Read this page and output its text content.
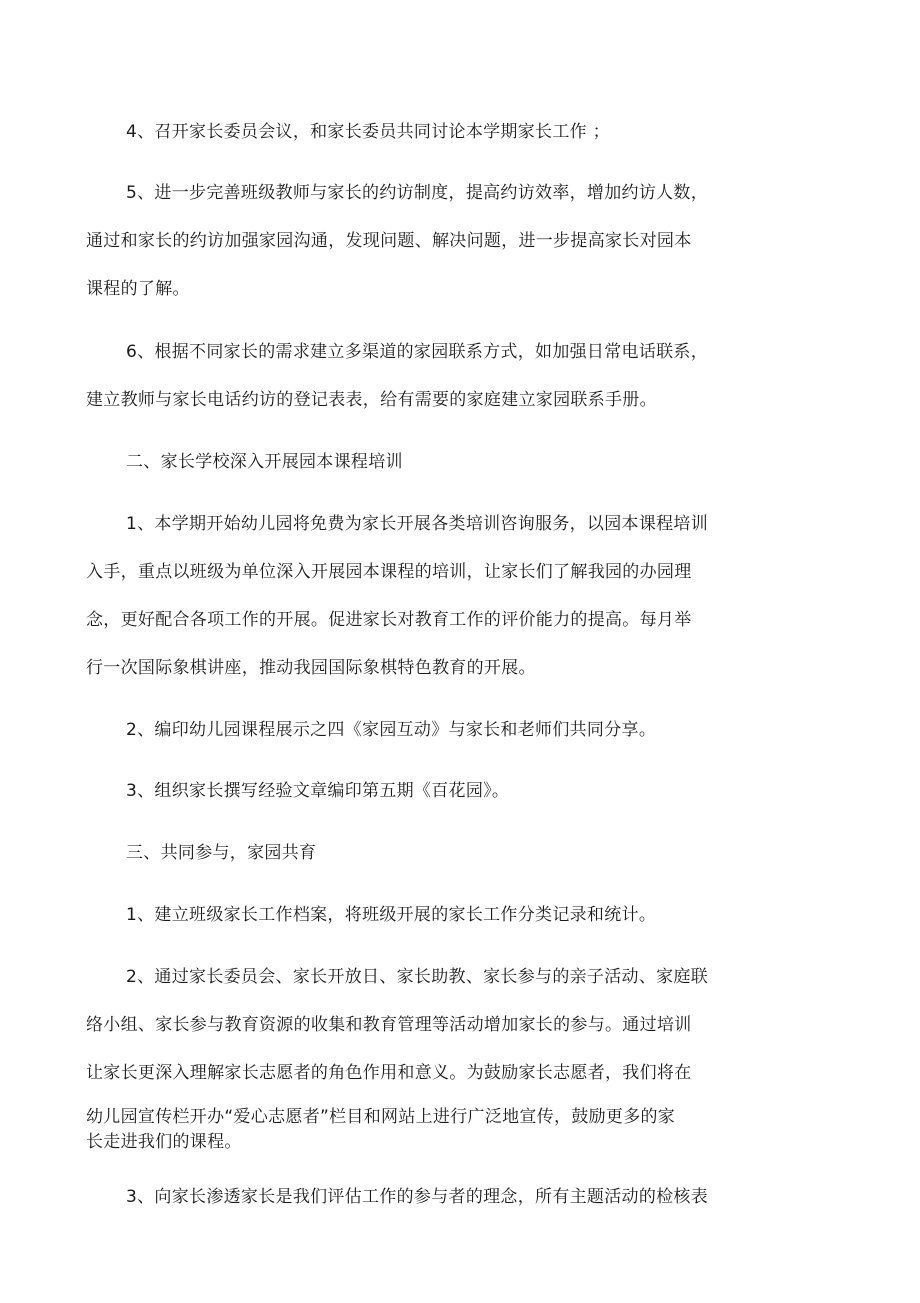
4、召开家长委员会议，和家长委员共同讨论本学期家长工作 ；
5、进一步完善班级教师与家长的约访制度，提高约访效率，增加约访人数，
通过和家长的约访加强家园沟通，发现问题、解决问题，进一步提高家长对园本
课程的了解。
6、根据不同家长的需求建立多渠道的家园联系方式，如加强日常电话联系，
建立教师与家长电话约访的登记表表，给有需要的家庭建立家园联系手册。
二、家长学校深入开展园本课程培训
1、本学期开始幼儿园将免费为家长开展各类培训咨询服务，以园本课程培训
入手，重点以班级为单位深入开展园本课程的培训，让家长们了解我园的办园理
念，更好配合各项工作的开展。促进家长对教育工作的评价能力的提高。每月举
行一次国际象棋讲座，推动我园国际象棋特色教育的开展。
2、编印幼儿园课程展示之四《家园互动》与家长和老师们共同分享。
3、组织家长撰写经验文章编印第五期《百花园》。
三、共同参与，家园共育
1、建立班级家长工作档案，将班级开展的家长工作分类记录和统计。
2、通过家长委员会、家长开放日、家长助教、家长参与的亲子活动、家庭联
络小组、家长参与教育资源的收集和教育管理等活动增加家长的参与。通过培训
让家长更深入理解家长志愿者的角色作用和意义。为鼓励家长志愿者，我们将在
幼儿园宣传栏开办“爱心志愿者”栏目和网站上进行广泛地宣传，鼓励更多的家
长走进我们的课程。
3、向家长渗透家长是我们评估工作的参与者的理念，所有主题活动的检核表
